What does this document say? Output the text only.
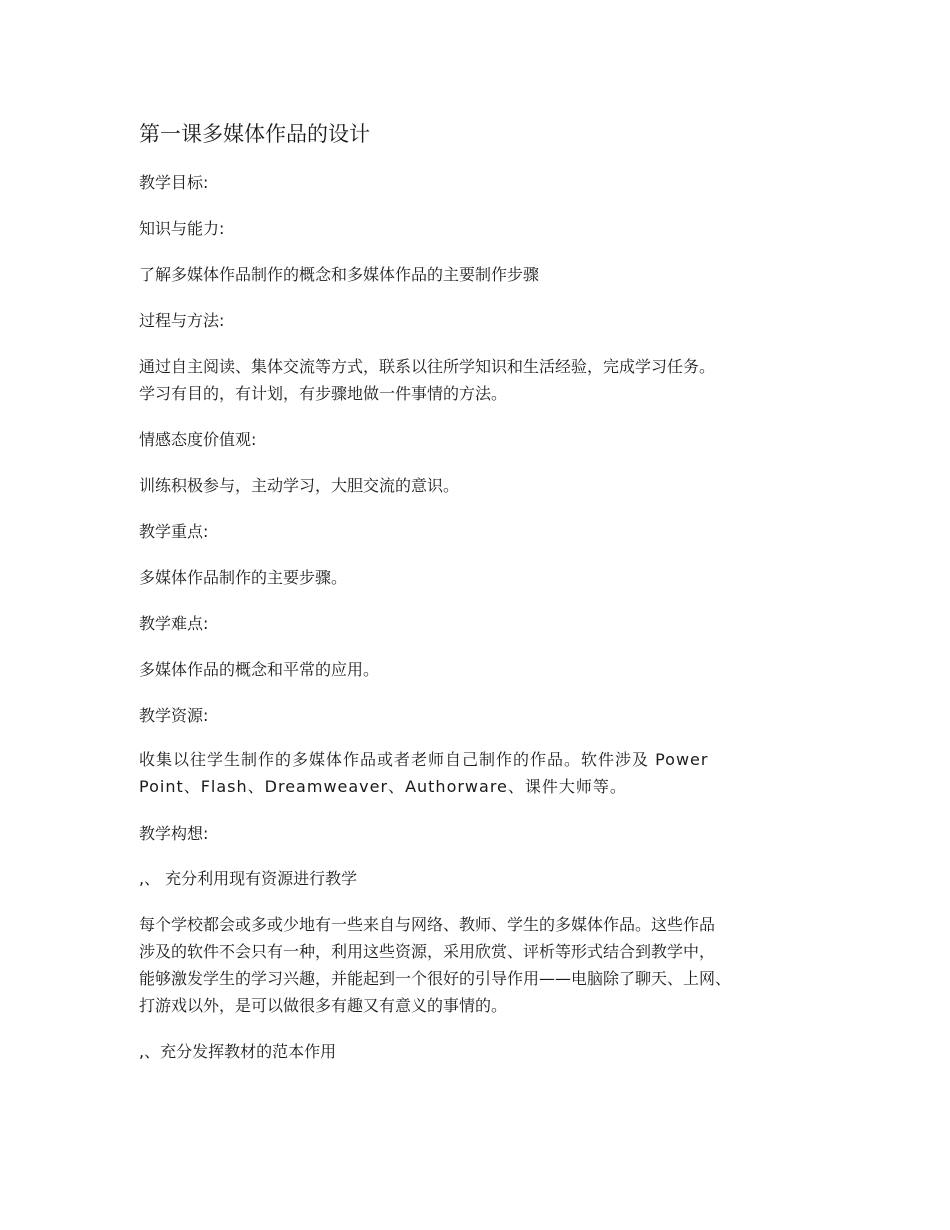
第一课多媒体作品的设计

教学目标:

知识与能力:

了解多媒体作品制作的概念和多媒体作品的主要制作步骤

过程与方法:

通过自主阅读、集体交流等方式，联系以往所学知识和生活经验，完成学习任务。

学习有目的，有计划，有步骤地做一件事情的方法。

情感态度价值观:

训练积极参与，主动学习，大胆交流的意识。

教学重点:

多媒体作品制作的主要步骤。

教学难点:

多媒体作品的概念和平常的应用。

教学资源:

收集以往学生制作的多媒体作品或者老师自己制作的作品。软件涉及 Power

Point、Flash、Dreamweaver、Authorware、课件大师等。

教学构想:

,、 充分利用现有资源进行教学

每个学校都会或多或少地有一些来自与网络、教师、学生的多媒体作品。这些作品

涉及的软件不会只有一种，利用这些资源，采用欣赏、评析等形式结合到教学中，

能够激发学生的学习兴趣，并能起到一个很好的引导作用——电脑除了聊天、上网、

打游戏以外，是可以做很多有趣又有意义的事情的。

,、充分发挥教材的范本作用
